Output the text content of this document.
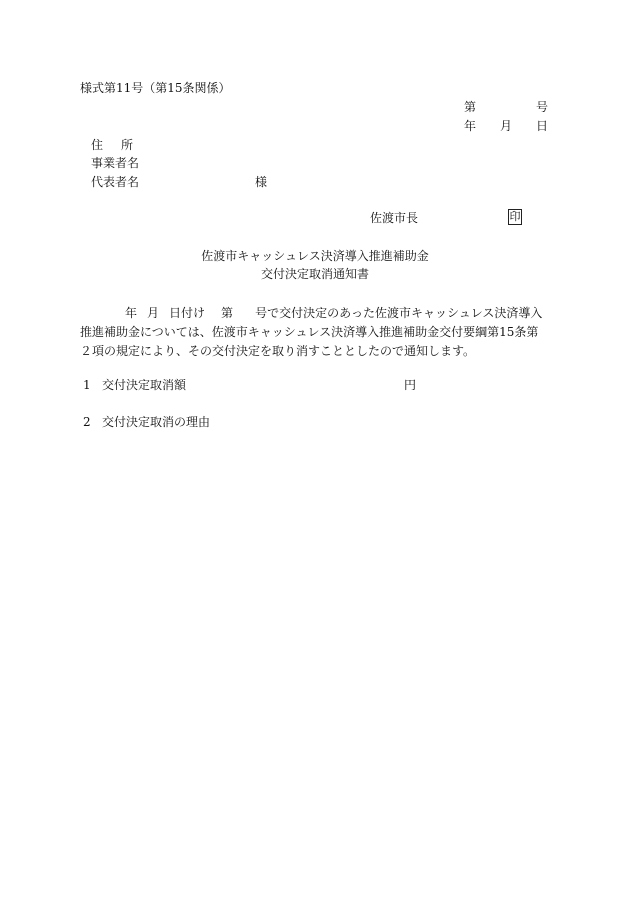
様式第11号（第15条関係）
第	号
年 月 日
住所
事業者名
代表者名	様
佐渡市長	印
佐渡市キャッシュレス決済導入推進補助金
交付決定取消通知書

年 月 日付け 第 号で交付決定のあった佐渡市キャッシュレス決済導入推進補助金については、佐渡市キャッシュレス決済導入推進補助金交付要綱第15条第２項の規定により、その交付決定を取り消すこととしたので通知します。

1 交付決定取消額	円
2 交付決定取消の理由
